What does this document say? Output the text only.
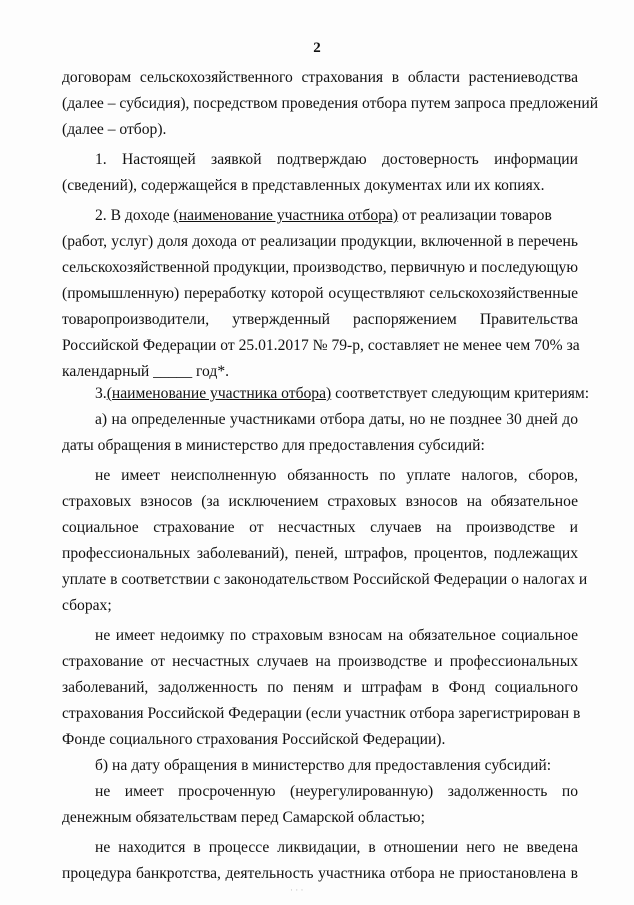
2
договорам сельскохозяйственного страхования в области растениеводства
(далее – субсидия), посредством проведения отбора путем запроса предложений
(далее – отбор).
1. Настоящей заявкой подтверждаю достоверность информации
(сведений), содержащейся в представленных документах или их копиях.
2. В доходе (наименование участника отбора) от реализации товаров
(работ, услуг) доля дохода от реализации продукции, включенной в перечень
сельскохозяйственной продукции, производство, первичную и последующую
(промышленную) переработку которой осуществляют сельскохозяйственные
товаропроизводители, утвержденный распоряжением Правительства
Российской Федерации от 25.01.2017 № 79-р, составляет не менее чем 70% за
календарный _____ год*.
3.(наименование участника отбора) соответствует следующим критериям:
а) на определенные участниками отбора даты, но не позднее 30 дней до
даты обращения в министерство для предоставления субсидий:
не имеет неисполненную обязанность по уплате налогов, сборов,
страховых взносов (за исключением страховых взносов на обязательное
социальное страхование от несчастных случаев на производстве и
профессиональных заболеваний), пеней, штрафов, процентов, подлежащих
уплате в соответствии с законодательством Российской Федерации о налогах и
сборах;
не имеет недоимку по страховым взносам на обязательное социальное
страхование от несчастных случаев на производстве и профессиональных
заболеваний, задолженность по пеням и штрафам в Фонд социального
страхования Российской Федерации (если участник отбора зарегистрирован в
Фонде социального страхования Российской Федерации).
б) на дату обращения в министерство для предоставления субсидий:
не имеет просроченную (неурегулированную) задолженность по
денежным обязательствам перед Самарской областью;
не находится в процессе ликвидации, в отношении него не введена
процедура банкротства, деятельность участника отбора не приостановлена в
· · ·
